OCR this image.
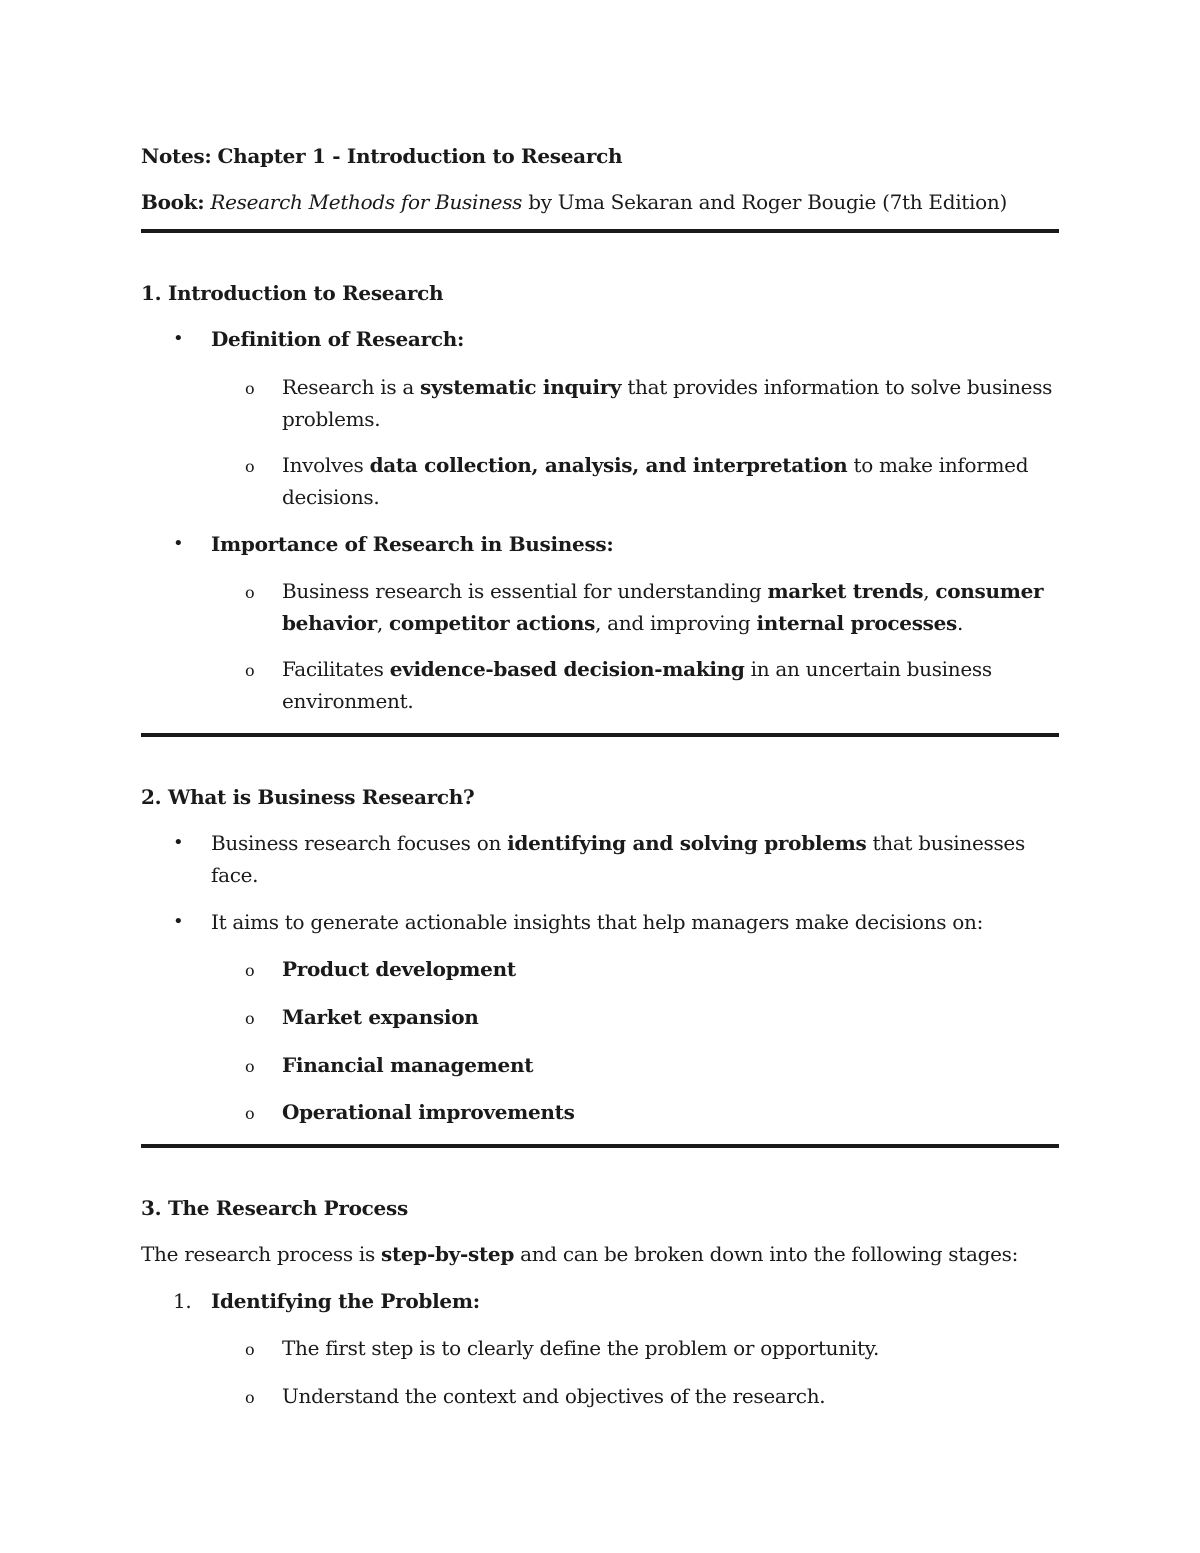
Notes: Chapter 1 - Introduction to Research
Book: Research Methods for Business by Uma Sekaran and Roger Bougie (7th Edition)
1. Introduction to Research
• Definition of Research:
o Research is a systematic inquiry that provides information to solve business problems.
o Involves data collection, analysis, and interpretation to make informed decisions.
• Importance of Research in Business:
o Business research is essential for understanding market trends, consumer behavior, competitor actions, and improving internal processes.
o Facilitates evidence-based decision-making in an uncertain business environment.
2. What is Business Research?
• Business research focuses on identifying and solving problems that businesses face.
• It aims to generate actionable insights that help managers make decisions on:
o Product development
o Market expansion
o Financial management
o Operational improvements
3. The Research Process

The research process is step-by-step and can be broken down into the following stages:

1. Identifying the Problem:
o The first step is to clearly define the problem or opportunity.
o Understand the context and objectives of the research.
